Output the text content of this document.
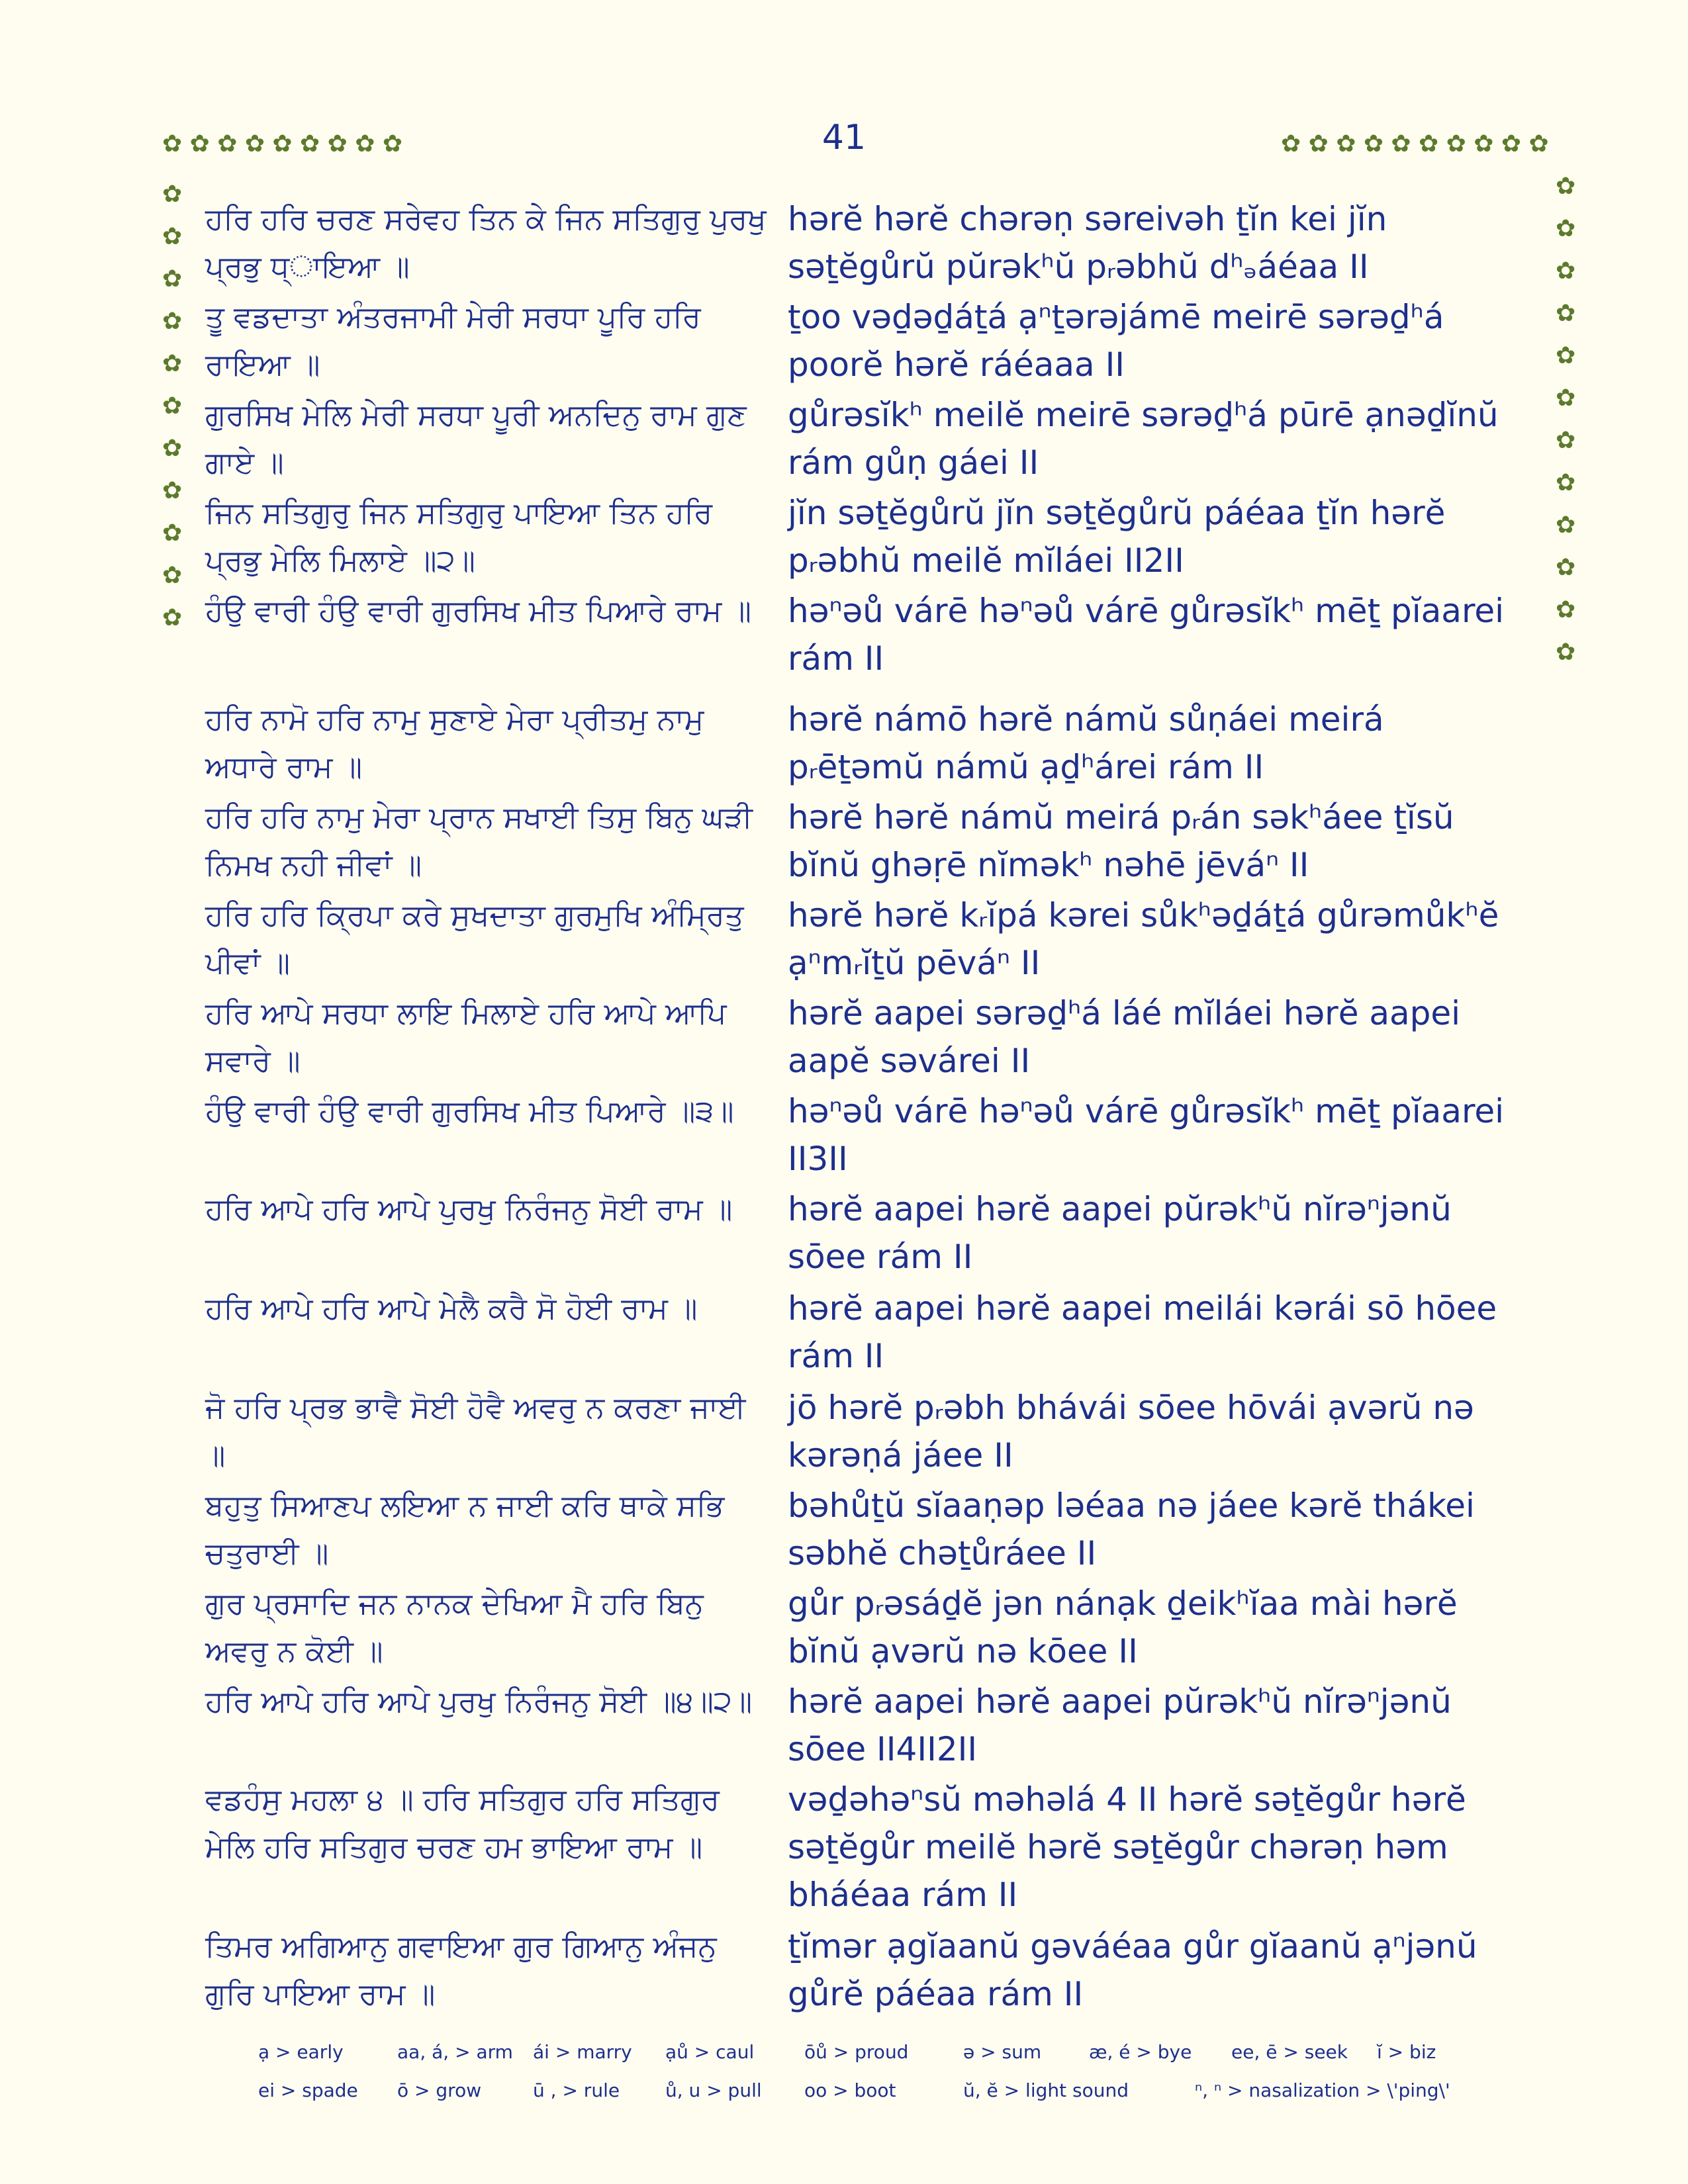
41
✿ ✿ ✿ ✿ ✿ ✿ ✿ ✿ ✿	✿ ✿ ✿ ✿ ✿ ✿ ✿ ✿ ✿ ✿
✿
✿
✿
✿
✿
✿
✿
✿
✿
✿
✿
✿
✿
✿
✿
✿
✿
✿
✿
✿
✿
✿
✿
ਹਰਿ ਹਰਿ ਚਰਣ ਸਰੇਵਹ ਤਿਨ ਕੇ ਜਿਨ ਸਤਿਗੁਰੁ ਪੁਰਖੁ ਪ੍ਰਭੁ ਧ੍ਾਇਆ ॥
hərĕ hərĕ chərəṇ səreivəh ṯĭn kei jĭn səṯĕgůrŭ pŭrəkʰŭ pᵣəbhŭ dʰₔáéaa II
ਤੂ ਵਡਦਾਤਾ ਅੰਤਰਜਾਮੀ ਮੇਰੀ ਸਰਧਾ ਪੂਰਿ ਹਰਿ ਰਾਇਆ ॥
ṯoo vəḏəḏáṯá ạⁿṯərəjámē meirē sərəḏʰá poorĕ hərĕ ráéaaa II
ਗੁਰਸਿਖ ਮੇਲਿ ਮੇਰੀ ਸਰਧਾ ਪੂਰੀ ਅਨਦਿਨੁ ਰਾਮ ਗੁਣ ਗਾਏ ॥
gůrəsĭkʰ meilĕ meirē sərəḏʰá pūrē ạnəḏĭnŭ rám gůṇ gáei II
ਜਿਨ ਸਤਿਗੁਰੁ ਜਿਨ ਸਤਿਗੁਰੁ ਪਾਇਆ ਤਿਨ ਹਰਿ ਪ੍ਰਭੁ ਮੇਲਿ ਮਿਲਾਏ ॥੨॥
jĭn səṯĕgůrŭ jĭn səṯĕgůrŭ páéaa ṯĭn hərĕ pᵣəbhŭ meilĕ mĭláei II2II
ਹੰਉ ਵਾਰੀ ਹੰਉ ਵਾਰੀ ਗੁਰਸਿਖ ਮੀਤ ਪਿਆਰੇ ਰਾਮ ॥	həⁿəů várē həⁿəů várē gůrəsĭkʰ mēṯ pĭaarei rám II
ਹਰਿ ਨਾਮੋ ਹਰਿ ਨਾਮੁ ਸੁਣਾਏ ਮੇਰਾ ਪ੍ਰੀਤਮੁ ਨਾਮੁ ਅਧਾਰੇ ਰਾਮ ॥
hərĕ námō hərĕ námŭ sůṇáei meirá pᵣēṯəmŭ námŭ ạḏʰárei rám II
ਹਰਿ ਹਰਿ ਨਾਮੁ ਮੇਰਾ ਪ੍ਰਾਨ ਸਖਾਈ ਤਿਸੁ ਬਿਨੁ ਘੜੀ ਨਿਮਖ ਨਹੀ ਜੀਵਾਂ ॥
hərĕ hərĕ námŭ meirá pᵣán səkʰáee ṯĭsŭ bĭnŭ ghəṛē nĭməkʰ nəhē jēváⁿ II
ਹਰਿ ਹਰਿ ਕ੍ਰਿਪਾ ਕਰੇ ਸੁਖਦਾਤਾ ਗੁਰਮੁਖਿ ਅੰਮ੍ਰਿਤੁ ਪੀਵਾਂ ॥
hərĕ hərĕ kᵣĭpá kərei sůkʰəḏáṯá gůrəmůkʰĕ ạⁿmᵣĭṯŭ pēváⁿ II
ਹਰਿ ਆਪੇ ਸਰਧਾ ਲਾਇ ਮਿਲਾਏ ਹਰਿ ਆਪੇ ਆਪਿ ਸਵਾਰੇ ॥
hərĕ aapei sərəḏʰá láé mĭláei hərĕ aapei aapĕ səvárei II
ਹੰਉ ਵਾਰੀ ਹੰਉ ਵਾਰੀ ਗੁਰਸਿਖ ਮੀਤ ਪਿਆਰੇ ॥੩॥	həⁿəů várē həⁿəů várē gůrəsĭkʰ mēṯ pĭaarei II3II
ਹਰਿ ਆਪੇ ਹਰਿ ਆਪੇ ਪੁਰਖੁ ਨਿਰੰਜਨੁ ਸੋਈ ਰਾਮ ॥	hərĕ aapei hərĕ aapei pŭrəkʰŭ nĭrəⁿjənŭ sōee rám II
ਹਰਿ ਆਪੇ ਹਰਿ ਆਪੇ ਮੇਲੈ ਕਰੈ ਸੋ ਹੋਈ ਰਾਮ ॥	hərĕ aapei hərĕ aapei meilái kərái sō hōee rám II
ਜੋ ਹਰਿ ਪ੍ਰਭ ਭਾਵੈ ਸੋਈ ਹੋਵੈ ਅਵਰੁ ਨ ਕਰਣਾ ਜਾਈ ॥
jō hərĕ pᵣəbh bhávái sōee hōvái ạvərŭ nə kərəṇá jáee II
ਬਹੁਤੁ ਸਿਆਣਪ ਲਇਆ ਨ ਜਾਈ ਕਰਿ ਥਾਕੇ ਸਭਿ ਚਤੁਰਾਈ ॥
bəhůṯŭ sĭaaṇəp ləéaa nə jáee kərĕ thákei səbhĕ chəṯůráee II
ਗੁਰ ਪ੍ਰਸਾਦਿ ਜਨ ਨਾਨਕ ਦੇਖਿਆ ਮੈ ਹਰਿ ਬਿਨੁ ਅਵਰੁ ਨ ਕੋਈ ॥
gůr pᵣəsáḏĕ jən nánạk ḏeikʰĭaa mài hərĕ bĭnŭ ạvərŭ nə kōee II
ਹਰਿ ਆਪੇ ਹਰਿ ਆਪੇ ਪੁਰਖੁ ਨਿਰੰਜਨੁ ਸੋਈ ॥੪॥੨॥	hərĕ aapei hərĕ aapei pŭrəkʰŭ nĭrəⁿjənŭ sōee II4II2II
ਵਡਹੰਸੁ ਮਹਲਾ ੪ ॥ ਹਰਿ ਸਤਿਗੁਰ ਹਰਿ ਸਤਿਗੁਰ ਮੇਲਿ ਹਰਿ ਸਤਿਗੁਰ ਚਰਣ ਹਮ ਭਾਇਆ ਰਾਮ ॥
vəḏəhəⁿsŭ məhəlá 4 II hərĕ səṯĕgůr hərĕ səṯĕgůr meilĕ hərĕ səṯĕgůr chərəṇ həm bháéaa rám II
ਤਿਮਰ ਅਗਿਆਨੁ ਗਵਾਇਆ ਗੁਰ ਗਿਆਨੁ ਅੰਜਨੁ ਗੁਰਿ ਪਾਇਆ ਰਾਮ ॥
ṯĭmər ạgĭaanŭ gəváéaa gůr gĭaanŭ ạⁿjənŭ gůrĕ páéaa rám II
ạ > early	aa, á, > arm	ái > marry	ạů > caul	ōů > proud	ə > sum	æ, é > bye	ee, ē > seek	ĭ > biz
ei > spade	ō > grow	ū , > rule	ů, u > pull	oo > boot	ŭ, ĕ > light sound	ⁿ, ⁿ > nasalization > \'ping\'
